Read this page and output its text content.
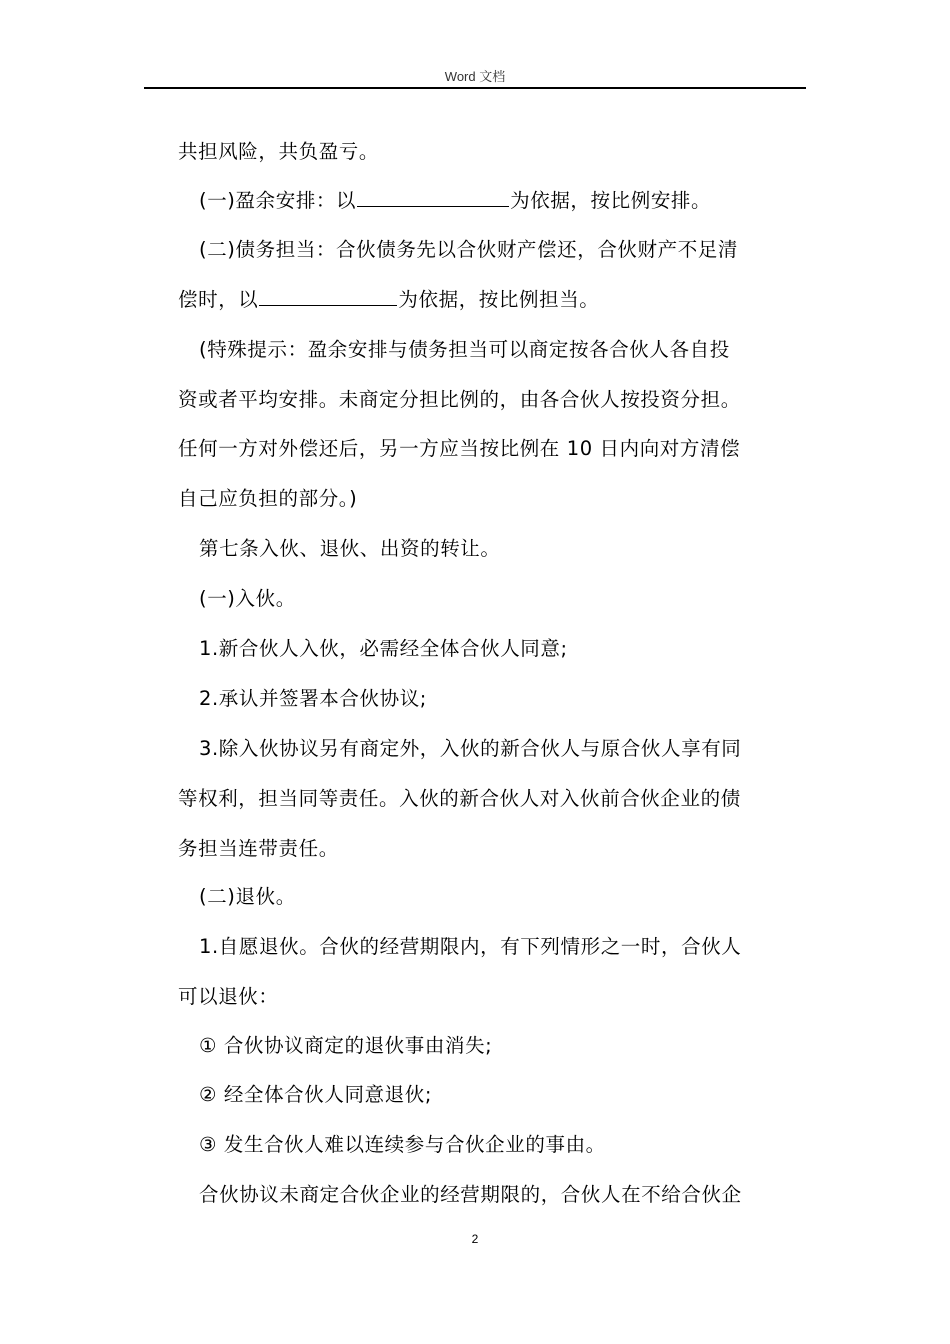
Word 文档
共担风险，共负盈亏。
(一)盈余安排：以	为依据，按比例安排。
(二)债务担当：合伙债务先以合伙财产偿还，合伙财产不足清
偿时，以	为依据，按比例担当。
(特殊提示：盈余安排与债务担当可以商定按各合伙人各自投
资或者平均安排。未商定分担比例的，由各合伙人按投资分担。
任何一方对外偿还后，另一方应当按比例在 10 日内向对方清偿
自己应负担的部分。)
第七条入伙、退伙、出资的转让。
(一)入伙。
1.新合伙人入伙，必需经全体合伙人同意;
2.承认并签署本合伙协议;
3.除入伙协议另有商定外，入伙的新合伙人与原合伙人享有同
等权利，担当同等责任。入伙的新合伙人对入伙前合伙企业的债
务担当连带责任。
(二)退伙。
1.自愿退伙。合伙的经营期限内，有下列情形之一时，合伙人
可以退伙：
① 合伙协议商定的退伙事由消失;
② 经全体合伙人同意退伙;
③ 发生合伙人难以连续参与合伙企业的事由。
合伙协议未商定合伙企业的经营期限的，合伙人在不给合伙企
2
